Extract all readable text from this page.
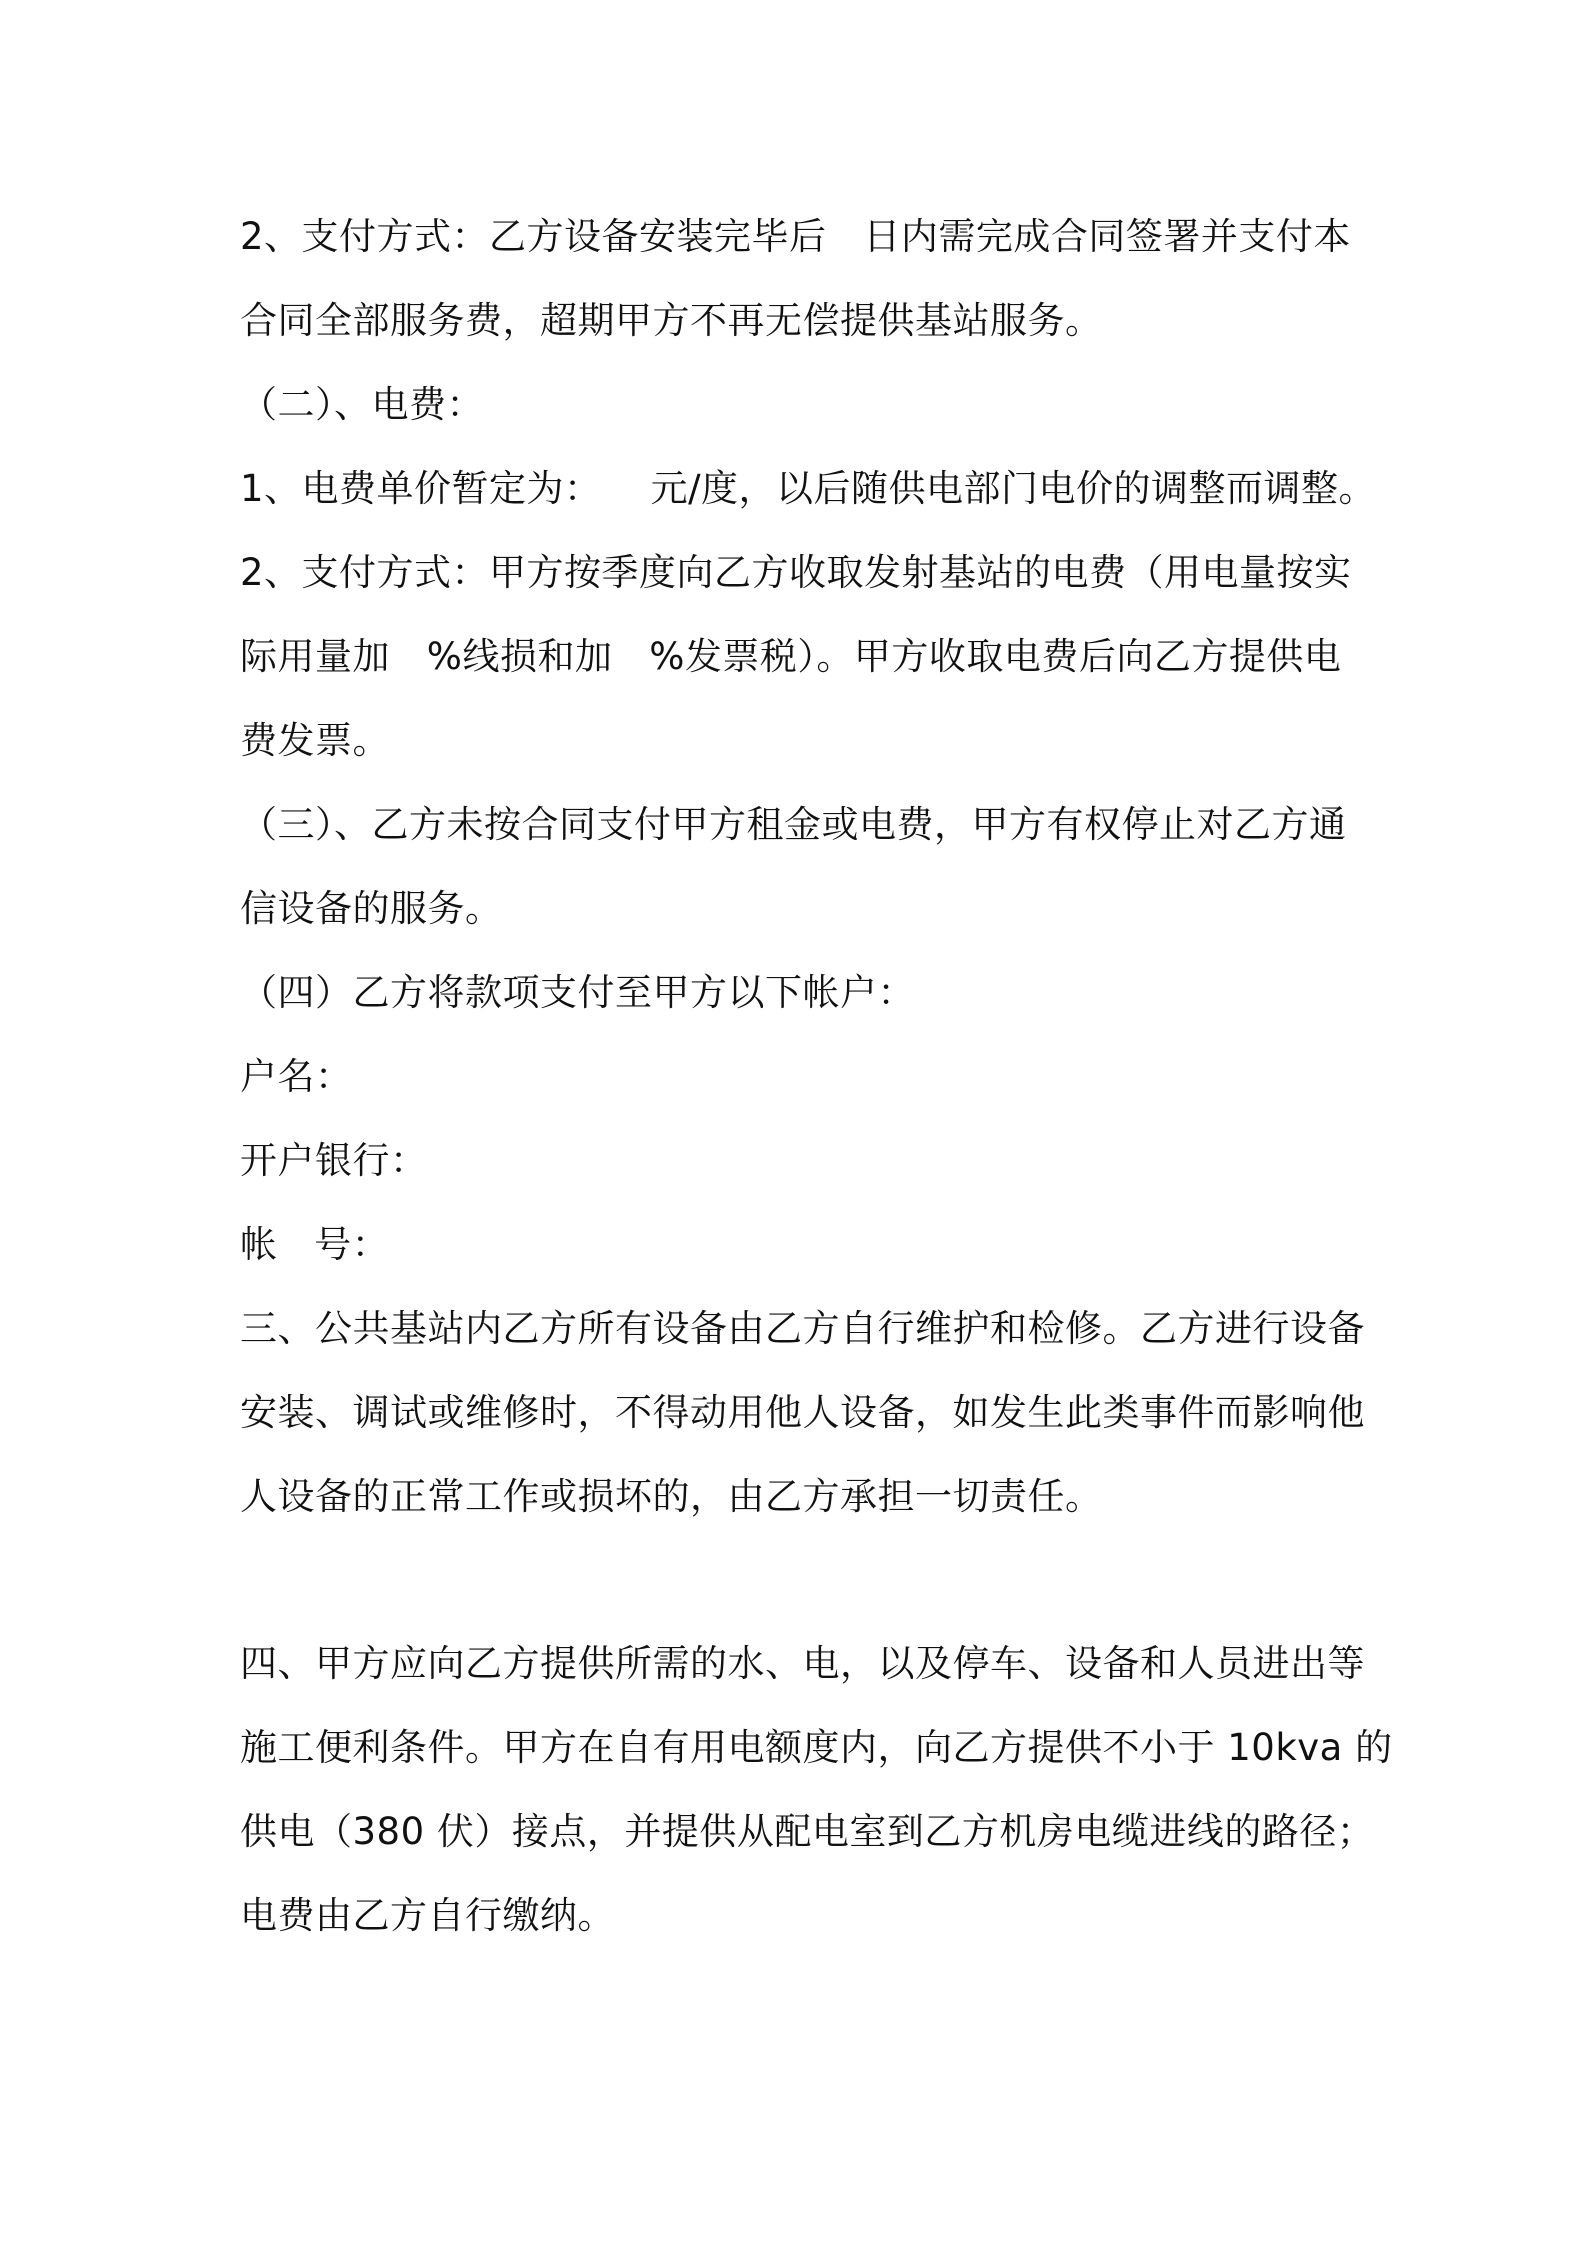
2、支付方式：乙方设备安装完毕后   日内需完成合同签署并支付本
合同全部服务费，超期甲方不再无偿提供基站服务。
（二）、电费：
1、电费单价暂定为：    元/度，以后随供电部门电价的调整而调整。
2、支付方式：甲方按季度向乙方收取发射基站的电费（用电量按实
际用量加   %线损和加   %发票税）。甲方收取电费后向乙方提供电
费发票。
（三）、乙方未按合同支付甲方租金或电费，甲方有权停止对乙方通
信设备的服务。
（四）乙方将款项支付至甲方以下帐户：
户名：
开户银行：
帐   号：
三、公共基站内乙方所有设备由乙方自行维护和检修。乙方进行设备
安装、调试或维修时，不得动用他人设备，如发生此类事件而影响他
人设备的正常工作或损坏的，由乙方承担一切责任。
四、甲方应向乙方提供所需的水、电，以及停车、设备和人员进出等
施工便利条件。甲方在自有用电额度内，向乙方提供不小于 10kva 的
供电（380 伏）接点，并提供从配电室到乙方机房电缆进线的路径；
电费由乙方自行缴纳。
